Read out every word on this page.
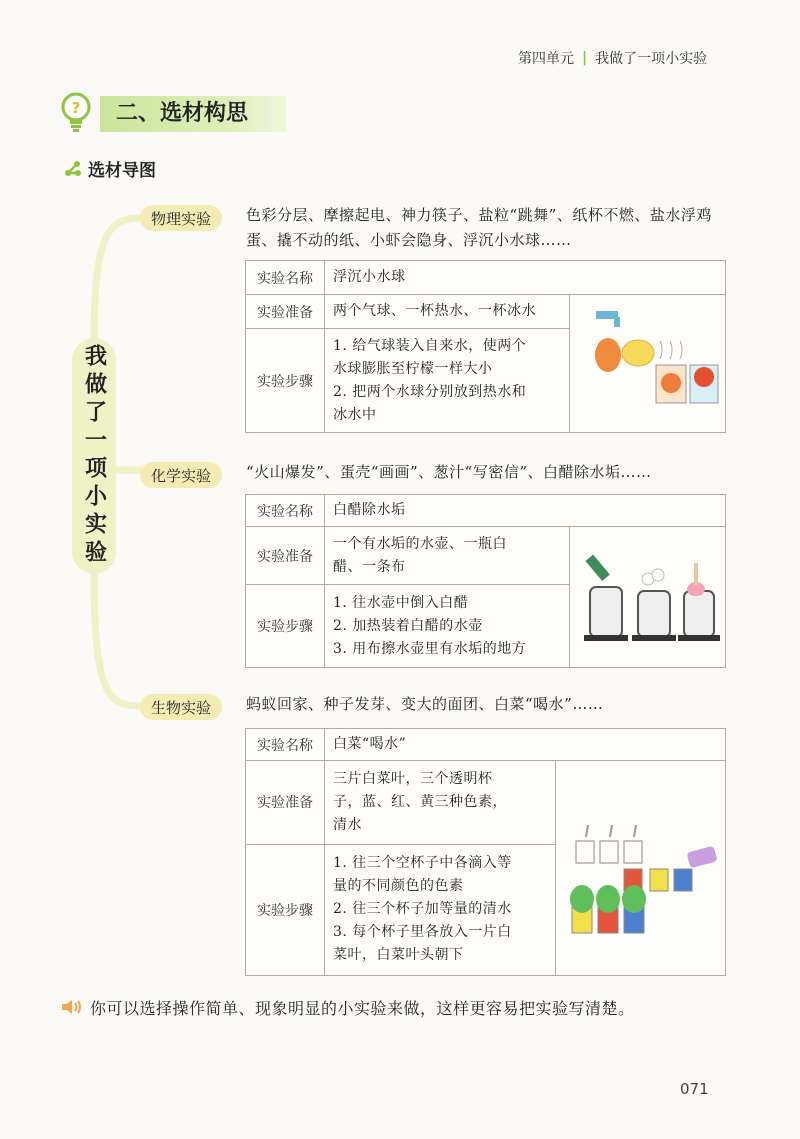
第四单元 | 我做了一项小实验
?	二、选材构思
选材导图
我做了一项小实验
物理实验	色彩分层、摩擦起电、神力筷子、盐粒“跳舞”、纸杯不燃、盐水浮鸡蛋、撬不动的纸、小虾会隐身、浮沉小水球……
实验名称	浮沉小水球	

实验准备	两个气球、一杯热水、一杯冰水

实验步骤	1. 给气球装入自来水，使两个
水球膨胀至柠檬一样大小
2. 把两个水球分别放到热水和
冰水中	
化学实验	“火山爆发”、蛋壳“画画”、葱汁“写密信”、白醋除水垢……
实验名称	白醋除水垢	

实验准备	一个有水垢的水壶、一瓶白
醋、一条布

实验步骤	1. 往水壶中倒入白醋
2. 加热装着白醋的水壶
3. 用布擦水壶里有水垢的地方	
生物实验	蚂蚁回家、种子发芽、变大的面团、白菜“喝水”……
实验名称	白菜“喝水”	

实验准备	三片白菜叶，三个透明杯
子，蓝、红、黄三种色素，
清水

实验步骤	1. 往三个空杯子中各滴入等
量的不同颜色的色素
2. 往三个杯子加等量的清水
3. 每个杯子里各放入一片白
菜叶，白菜叶头朝下	
你可以选择操作简单、现象明显的小实验来做，这样更容易把实验写清楚。
071
